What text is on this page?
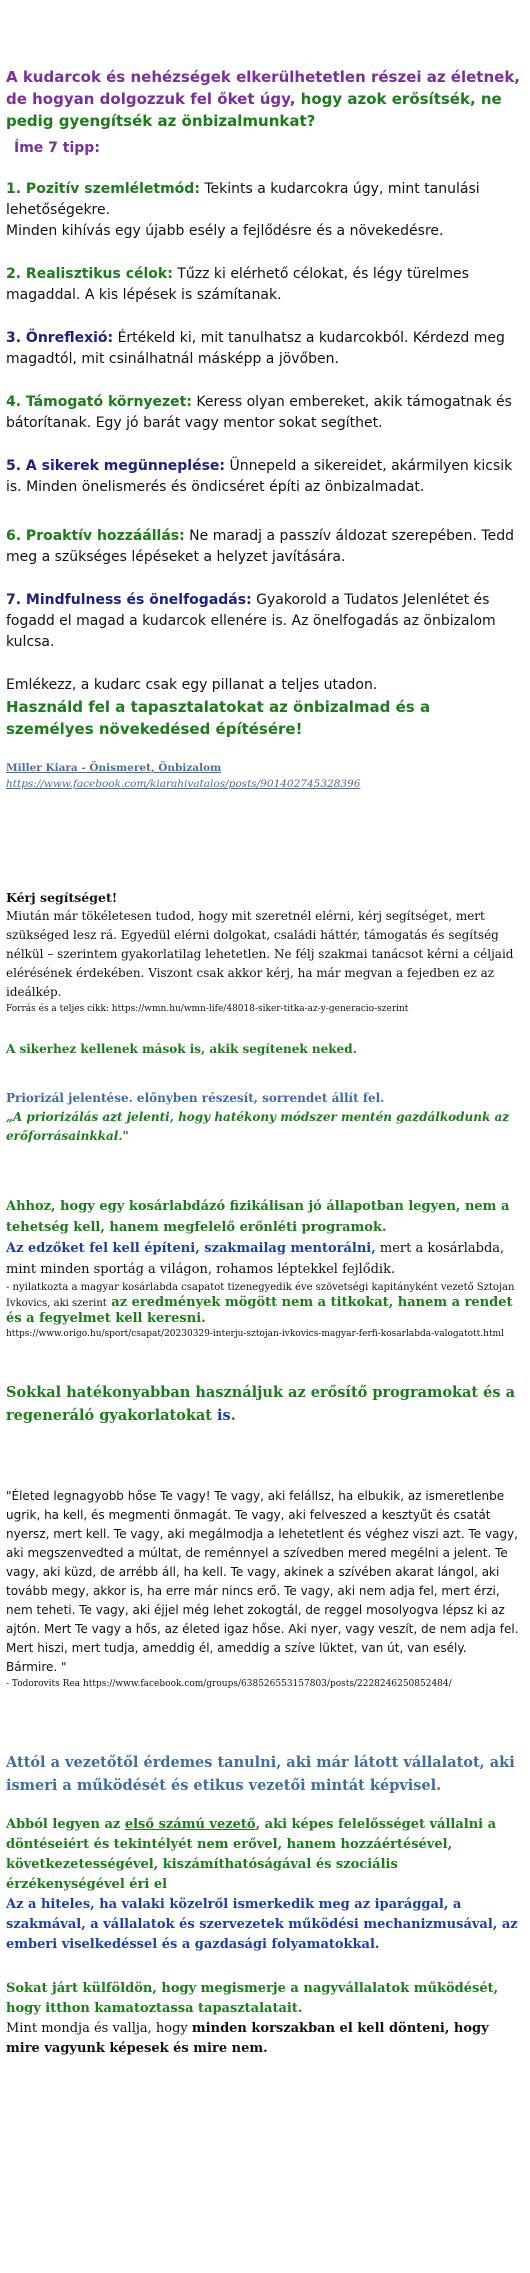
A kudarcok és nehézségek elkerülhetetlen részei az életnek, de hogyan dolgozzuk fel őket úgy, hogy azok erősítsék, ne pedig gyengítsék az önbizalmunkat?

Íme 7 tipp:

1. Pozitív szemléletmód: Tekints a kudarcokra úgy, mint tanulási lehetőségekre.
Minden kihívás egy újabb esély a fejlődésre és a növekedésre.
2. Realisztikus célok: Tűzz ki elérhető célokat, és légy türelmes magaddal. A kis lépések is számítanak.
3. Önreflexió: Értékeld ki, mit tanulhatsz a kudarcokból. Kérdezd meg magadtól, mit csinálhatnál másképp a jövőben.
4. Támogató környezet: Keress olyan embereket, akik támogatnak és bátorítanak. Egy jó barát vagy mentor sokat segíthet.
5. A sikerek megünneplése: Ünnepeld a sikereidet, akármilyen kicsik is. Minden önelismerés és öndicséret építi az önbizalmadat.
6. Proaktív hozzáállás: Ne maradj a passzív áldozat szerepében. Tedd meg a szükséges lépéseket a helyzet javítására.
7. Mindfulness és önelfogadás: Gyakorold a Tudatos Jelenlétet és fogadd el magad a kudarcok ellenére is. Az önelfogadás az önbizalom kulcsa.

Emlékezz, a kudarc csak egy pillanat a teljes utadon.

Használd fel a tapasztalatokat az önbizalmad és a személyes növekedésed építésére!

Miller Kiara - Önismeret, Önbizalom
https://www.facebook.com/kiarahivatalos/posts/901402745328396

Kérj segítséget!

Miután már tökéletesen tudod, hogy mit szeretnél elérni, kérj segítséget, mert szükséged lesz rá. Egyedül elérni dolgokat, családi háttér, támogatás és segítség nélkül – szerintem gyakorlatilag lehetetlen. Ne félj szakmai tanácsot kérni a céljaid elérésének érdekében. Viszont csak akkor kérj, ha már megvan a fejedben ez az ideálkép.

Forrás és a teljes cikk: https://wmn.hu/wmn-life/48018-siker-titka-az-y-generacio-szerint

A sikerhez kellenek mások is, akik segítenek neked.

Priorizál jelentése. előnyben részesít, sorrendet állít fel.

„A priorizálás azt jelenti, hogy hatékony módszer mentén gazdálkodunk az erőforrásainkkal."

Ahhoz, hogy egy kosárlabdázó fizikálisan jó állapotban legyen, nem a tehetség kell, hanem megfelelő erőnléti programok.

Az edzőket fel kell építeni, szakmailag mentorálni, mert a kosárlabda, mint minden sportág a világon, rohamos léptekkel fejlődik.

- nyilatkozta a magyar kosárlabda csapatot tizenegyedik éve szövetségi kapitányként vezető Sztojan Ivkovics, aki szerint az eredmények mögött nem a titkokat, hanem a rendet és a fegyelmet kell keresni.

https://www.origo.hu/sport/csapat/20230329-interju-sztojan-ivkovics-magyar-ferfi-kosarlabda-valogatott.html

Sokkal hatékonyabban használjuk az erősítő programokat és a regeneráló gyakorlatokat is.

"Életed legnagyobb hőse Te vagy! Te vagy, aki feláll​sz, ha elbukik, az ismeretlenbe ugrik, ha kell, és megmenti önmagát. Te vagy, aki felveszed a kesztyűt és csatát nyersz, mert kell. Te vagy, aki megálmodja a lehetetlent és véghez viszi azt. Te vagy, aki megszenvedted a múltat, de reménnyel a szívedben mered megélni a jelent. Te vagy, aki küzd, de arrébb áll, ha kell. Te vagy, akinek a szívében akarat lángol, aki tovább megy, akkor is, ha erre már nincs erő. Te vagy, aki nem adja fel, mert érzi, nem teheti. Te vagy, aki éjjel még lehet zokogtál, de reggel mosolyogva lépsz ki az ajtón. Mert Te vagy a hős, az életed igaz hőse. Aki nyer, vagy veszít, de nem adja fel. Mert hiszi, mert tudja, ameddig él, ameddig a szíve lüktet, van út, van esély. Bármire. "

- Todorovits Rea https://www.facebook.com/groups/638526553157803/posts/2228246250852484/

Attól a vezetőtől érdemes tanulni, aki már látott vállalatot, aki ismeri a működését és etikus vezetői mintát képvisel.

Abból legyen az első számú vezető, aki képes felelősséget vállalni a döntéseiért és tekintélyét nem erővel, hanem hozzáértésével, következetességével, kiszámíthatóságával és szociális érzékenységével éri el

Az a hiteles, ha valaki közelről ismerkedik meg az iparággal, a szakmával, a vállalatok és szervezetek működési mechanizmusával, az emberi viselkedéssel és a gazdasági folyamatokkal.

Sokat járt külföldön, hogy megismerje a nagyvállalatok működését, hogy itthon kamatoztassa tapasztalatait.

Mint mondja és vallja, hogy minden korszakban el kell dönteni, hogy mire vagyunk képesek és mire nem.
